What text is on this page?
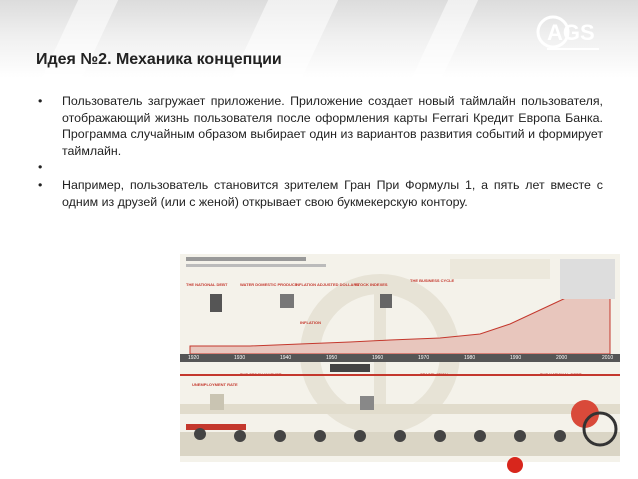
AGS
Идея №2. Механика концепции
• Пользователь загружает приложение. Приложение создает новый таймлайн пользователя, отображающий жизнь пользователя после оформления карты Ferrari Кредит Европа Банка. Программа случайным образом выбирает один из вариантов развития событий и формирует таймлайн.
•
• Например, пользователь становится зрителем Гран При Формулы 1, а пять лет вместе с одним из друзей (или с женой) открывает свою букмекерскую контору.
1920	1930	1940	1950	1960	1970	1980	1990	2000	2010
THE NATIONAL DEBT	WATER DOMESTIC PRODUCT
INFLATION ADJUSTED DOLLARS
STOCK INDEXES
THE BUSINESS CYCLE
INFLATION
THE STOCK MARKET
UNEMPLOYMENT RATE
STAGFLATION	THE NATIONAL DEBT
